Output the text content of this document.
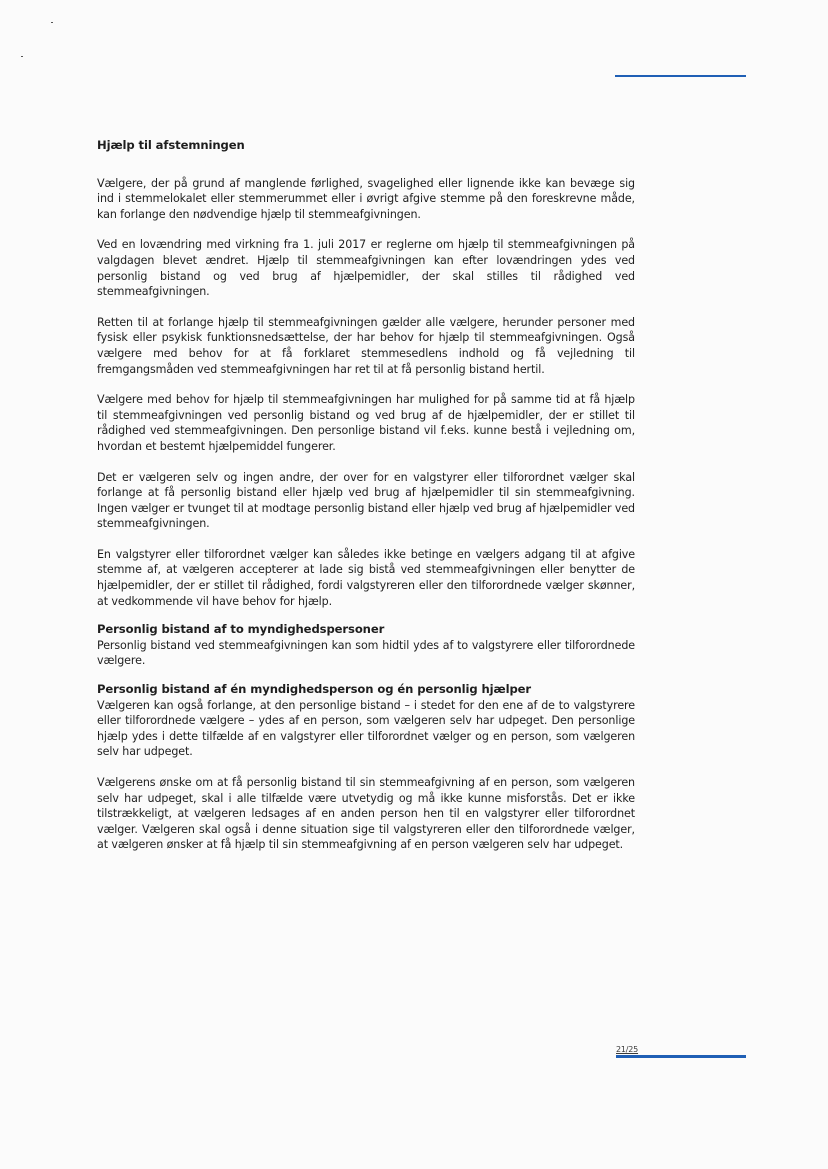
Hjælp til afstemningen

Vælgere, der på grund af manglende førlighed, svagelighed eller lignende ikke kan bevæge sig ind i stemmelokalet eller stemmerummet eller i øvrigt afgive stemme på den foreskrevne måde, kan forlange den nødvendige hjælp til stemmeafgivningen.

Ved en lovændring med virkning fra 1. juli 2017 er reglerne om hjælp til stemmeafgivningen på valgdagen blevet ændret. Hjælp til stemmeafgivningen kan efter lovændringen ydes ved personlig bistand og ved brug af hjælpemidler, der skal stilles til rådighed ved stemmeafgivningen.

Retten til at forlange hjælp til stemmeafgivningen gælder alle vælgere, herunder personer med fysisk eller psykisk funktionsnedsættelse, der har behov for hjælp til stemmeafgivningen. Også vælgere med behov for at få forklaret stemmesedlens indhold og få vejledning til fremgangsmåden ved stemmeafgivningen har ret til at få personlig bistand hertil.

Vælgere med behov for hjælp til stemmeafgivningen har mulighed for på samme tid at få hjælp til stemmeafgivningen ved personlig bistand og ved brug af de hjælpemidler, der er stillet til rådighed ved stemmeafgivningen. Den personlige bistand vil f.eks. kunne bestå i vejledning om, hvordan et bestemt hjælpemiddel fungerer.

Det er vælgeren selv og ingen andre, der over for en valgstyrer eller tilforordnet vælger skal forlange at få personlig bistand eller hjælp ved brug af hjælpemidler til sin stemmeafgivning. Ingen vælger er tvunget til at modtage personlig bistand eller hjælp ved brug af hjælpemidler ved stemmeafgivningen.

En valgstyrer eller tilforordnet vælger kan således ikke betinge en vælgers adgang til at afgive stemme af, at vælgeren accepterer at lade sig bistå ved stemmeafgivningen eller benytter de hjælpemidler, der er stillet til rådighed, fordi valgstyreren eller den tilforordnede vælger skønner, at vedkommende vil have behov for hjælp.

Personlig bistand af to myndighedspersoner

Personlig bistand ved stemmeafgivningen kan som hidtil ydes af to valgstyrere eller tilforordnede vælgere.

Personlig bistand af én myndighedsperson og én personlig hjælper

Vælgeren kan også forlange, at den personlige bistand – i stedet for den ene af de to valgstyrere eller tilforordnede vælgere – ydes af en person, som vælgeren selv har udpeget. Den personlige hjælp ydes i dette tilfælde af en valgstyrer eller tilforordnet vælger og en person, som vælgeren selv har udpeget.

Vælgerens ønske om at få personlig bistand til sin stemmeafgivning af en person, som vælgeren selv har udpeget, skal i alle tilfælde være utvetydig og må ikke kunne misforstås. Det er ikke tilstrækkeligt, at vælgeren ledsages af en anden person hen til en valgstyrer eller tilforordnet vælger. Vælgeren skal også i denne situation sige til valgstyreren eller den tilforordnede vælger, at vælgeren ønsker at få hjælp til sin stemmeafgivning af en person vælgeren selv har udpeget.

21/25
